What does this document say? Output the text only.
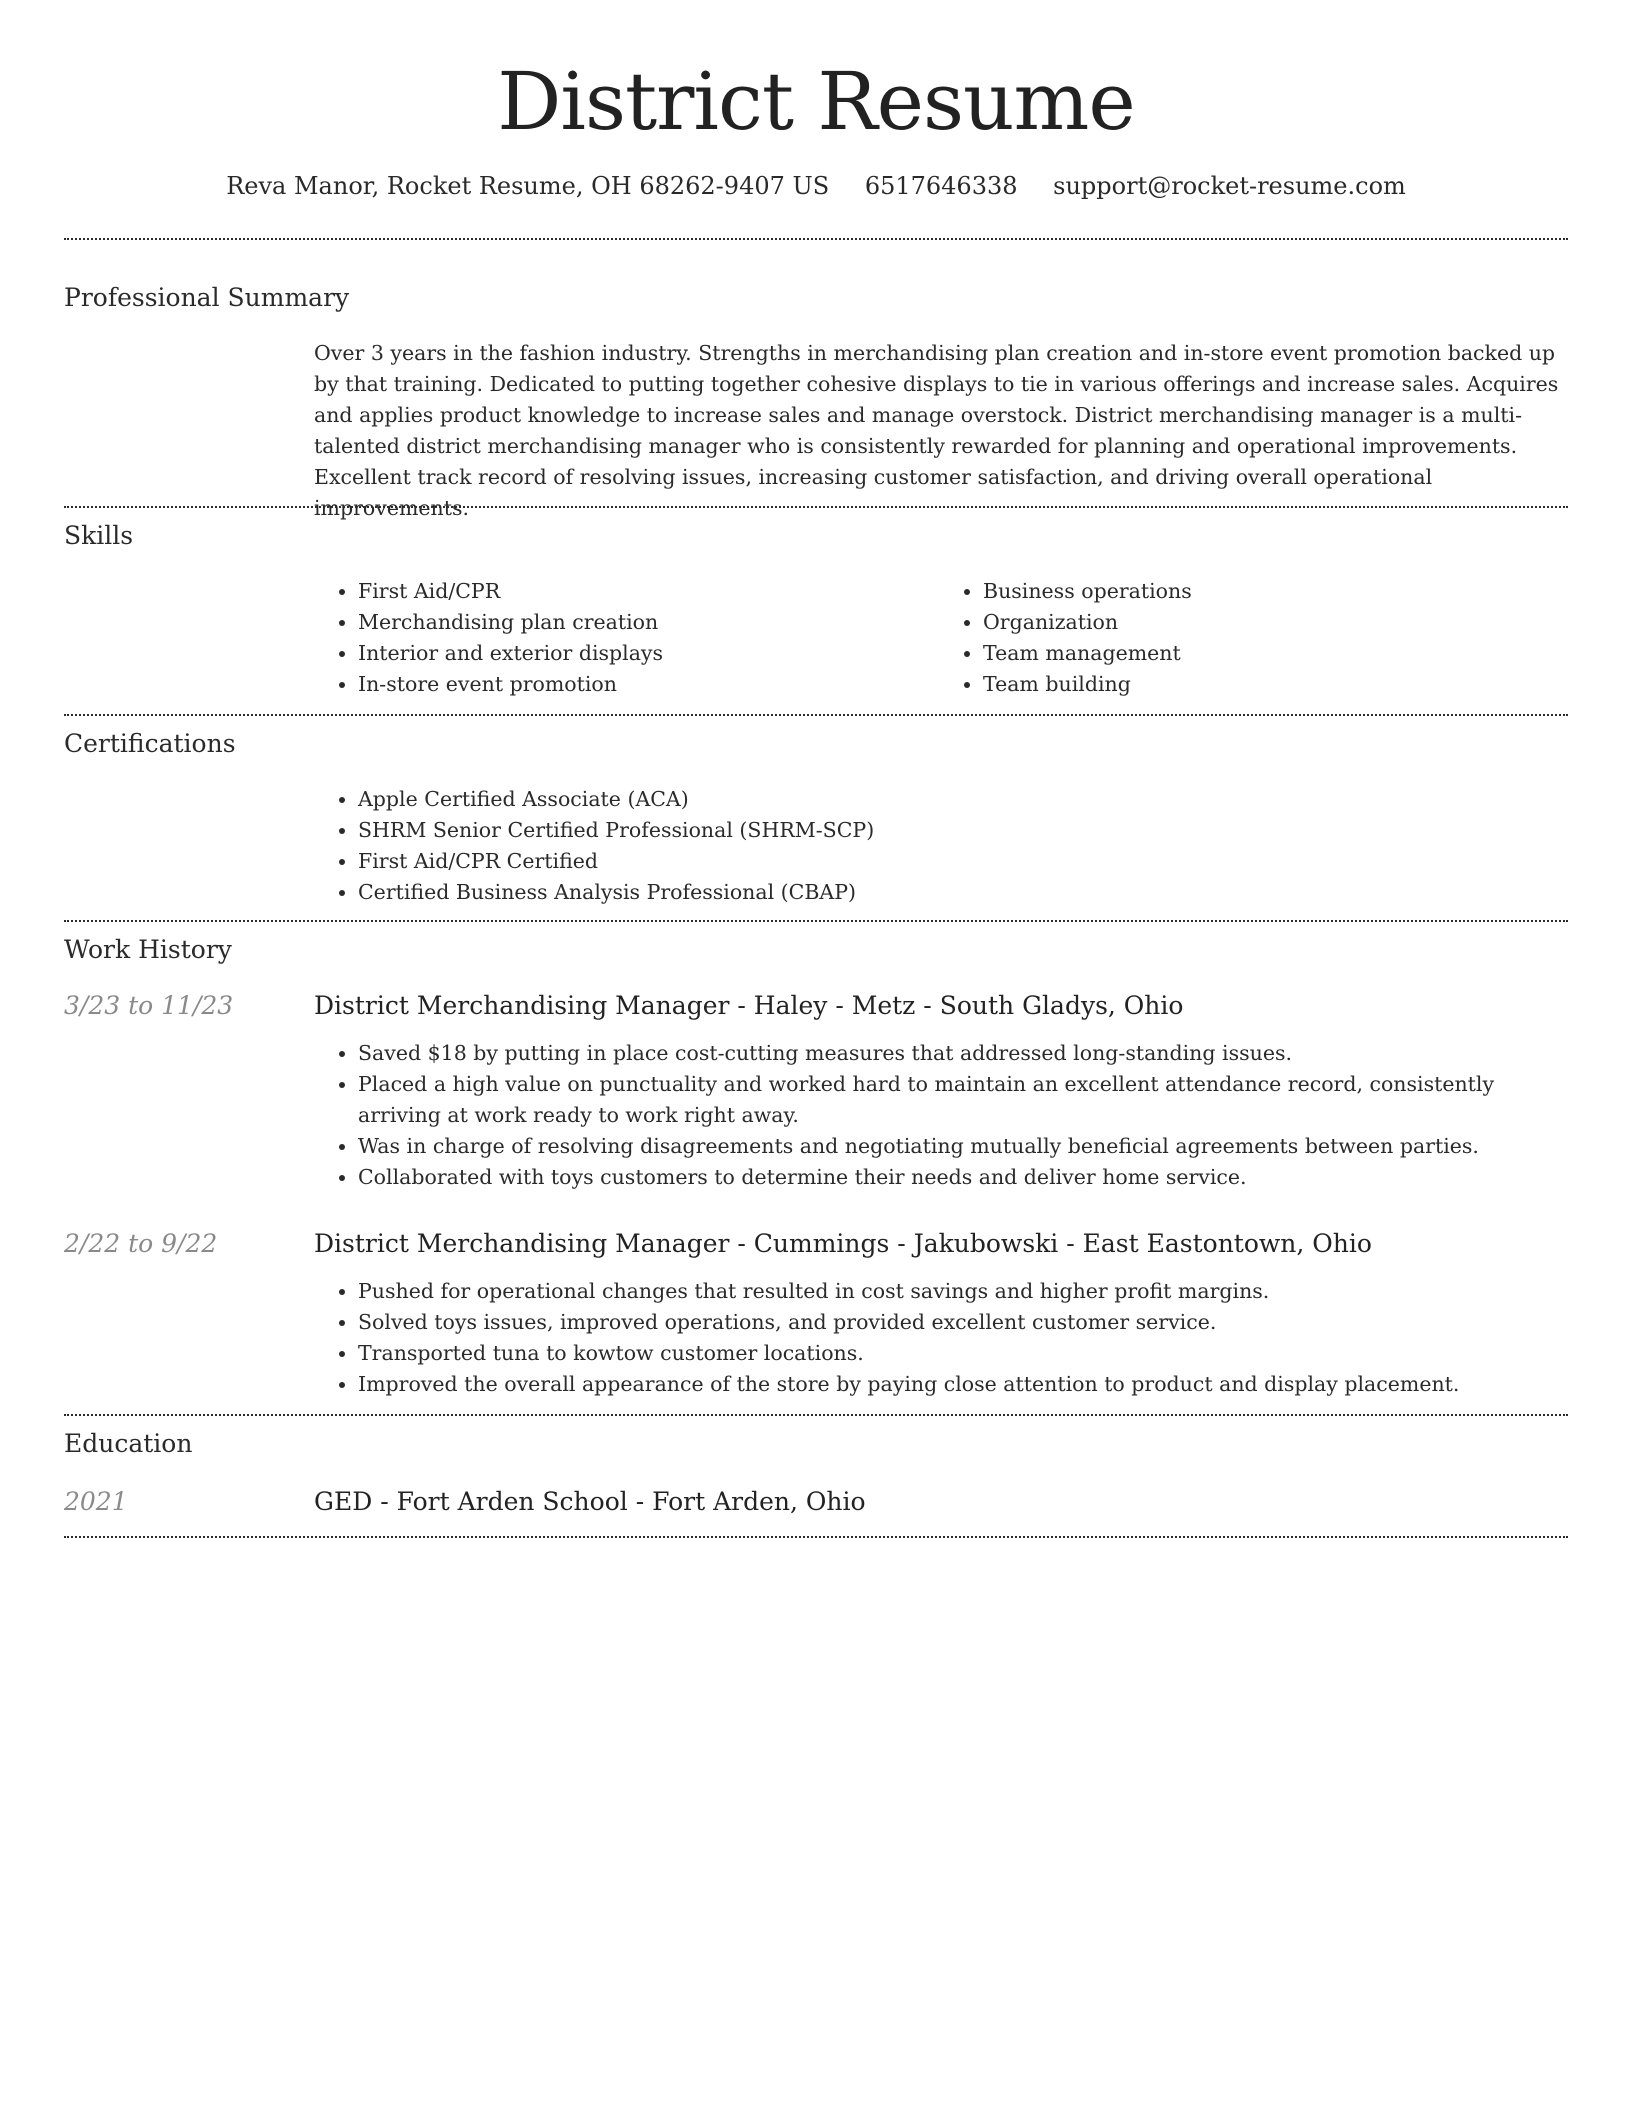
District Resume
Reva Manor, Rocket Resume, OH 68262-9407 US 6517646338 support@rocket-resume.com
Professional Summary

Over 3 years in the fashion industry. Strengths in merchandising plan creation and in-store event promotion backed up by that training. Dedicated to putting together cohesive displays to tie in various offerings and increase sales. Acquires and applies product knowledge to increase sales and manage overstock. District merchandising manager is a multi-talented district merchandising manager who is consistently rewarded for planning and operational improvements. Excellent track record of resolving issues, increasing customer satisfaction, and driving overall operational improvements.

Skills
• First Aid/CPR
• Merchandising plan creation
• Interior and exterior displays
• In-store event promotion
• Business operations
• Organization
• Team management
• Team building
Certifications
• Apple Certified Associate (ACA)
• SHRM Senior Certified Professional (SHRM-SCP)
• First Aid/CPR Certified
• Certified Business Analysis Professional (CBAP)
Work History
3/23 to 11/23	District Merchandising Manager - Haley - Metz - South Gladys, Ohio
• Saved $18 by putting in place cost-cutting measures that addressed long-standing issues.
• Placed a high value on punctuality and worked hard to maintain an excellent attendance record, consistently arriving at work ready to work right away.
• Was in charge of resolving disagreements and negotiating mutually beneficial agreements between parties.
• Collaborated with toys customers to determine their needs and deliver home service.
2/22 to 9/22	District Merchandising Manager - Cummings - Jakubowski - East Eastontown, Ohio
• Pushed for operational changes that resulted in cost savings and higher profit margins.
• Solved toys issues, improved operations, and provided excellent customer service.
• Transported tuna to kowtow customer locations.
• Improved the overall appearance of the store by paying close attention to product and display placement.
Education
2021	GED - Fort Arden School - Fort Arden, Ohio
